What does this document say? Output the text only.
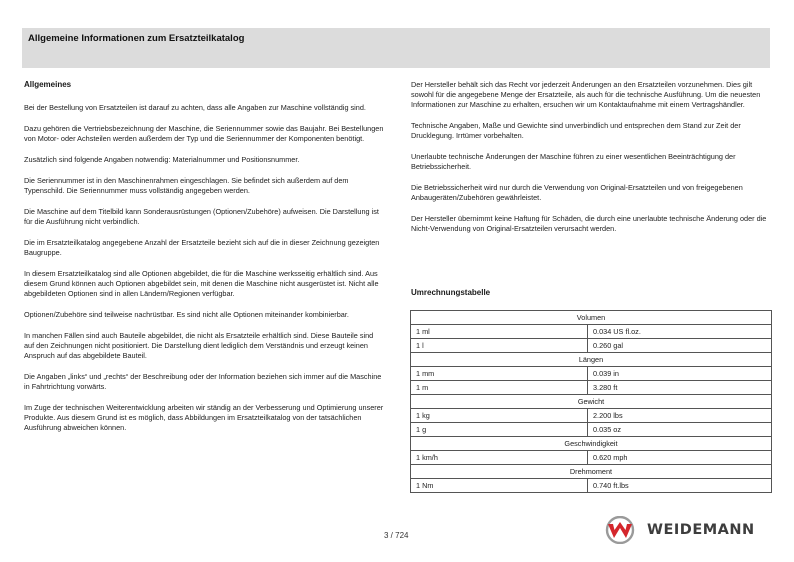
Allgemeine Informationen zum Ersatzteilkatalog
Allgemeines

Bei der Bestellung von Ersatzteilen ist darauf zu achten, dass alle Angaben zur Maschine vollständig sind.

Dazu gehören die Vertriebsbezeichnung der Maschine, die Seriennummer sowie das Baujahr. Bei Bestellungen von Motor- oder Achsteilen werden außerdem der Typ und die Seriennummer der Komponenten benötigt.

Zusätzlich sind folgende Angaben notwendig: Materialnummer und Positionsnummer.

Die Seriennummer ist in den Maschinenrahmen eingeschlagen. Sie befindet sich außerdem auf dem Typenschild. Die Seriennummer muss vollständig angegeben werden.

Die Maschine auf dem Titelbild kann Sonderausrüstungen (Optionen/Zubehöre) aufweisen. Die Darstellung ist für die Ausführung nicht verbindlich.

Die im Ersatzteilkatalog angegebene Anzahl der Ersatzteile bezieht sich auf die in dieser Zeichnung gezeigten Baugruppe.

In diesem Ersatzteilkatalog sind alle Optionen abgebildet, die für die Maschine werksseitig erhältlich sind. Aus diesem Grund können auch Optionen abgebildet sein, mit denen die Maschine nicht ausgerüstet ist. Nicht alle abgebildeten Optionen sind in allen Ländern/Regionen verfügbar.

Optionen/Zubehöre sind teilweise nachrüstbar. Es sind nicht alle Optionen miteinander kombinierbar.

In manchen Fällen sind auch Bauteile abgebildet, die nicht als Ersatzteile erhältlich sind. Diese Bauteile sind auf den Zeichnungen nicht positioniert. Die Darstellung dient lediglich dem Verständnis und erzeugt keinen Anspruch auf das abgebildete Bauteil.

Die Angaben „links“ und „rechts“ der Beschreibung oder der Information beziehen sich immer auf die Maschine in Fahrtrichtung vorwärts.

Im Zuge der technischen Weiterentwicklung arbeiten wir ständig an der Verbesserung und Optimierung unserer Produkte. Aus diesem Grund ist es möglich, dass Abbildungen im Ersatzteilkatalog von der tatsächlichen Ausführung abweichen können.

Der Hersteller behält sich das Recht vor jederzeit Änderungen an den Ersatzteilen vorzunehmen. Dies gilt sowohl für die angegebene Menge der Ersatzteile, als auch für die technische Ausführung. Um die neuesten Informationen zur Maschine zu erhalten, ersuchen wir um Kontaktaufnahme mit einem Vertragshändler.

Technische Angaben, Maße und Gewichte sind unverbindlich und entsprechen dem Stand zur Zeit der Drucklegung. Irrtümer vorbehalten.

Unerlaubte technische Änderungen der Maschine führen zu einer wesentlichen Beeinträchtigung der Betriebssicherheit.

Die Betriebssicherheit wird nur durch die Verwendung von Original-Ersatzteilen und von freigegebenen Anbaugeräten/Zubehören gewährleistet.

Der Hersteller übernimmt keine Haftung für Schäden, die durch eine unerlaubte technische Änderung oder die Nicht-Verwendung von Original-Ersatzteilen verursacht werden.

Umrechnungstabelle
Volumen	
1 ml	0.034 US fl.oz.
1 l	0.260 gal
Längen	
1 mm	0.039 in
1 m	3.280 ft
Gewicht	
1 kg	2.200 lbs
1 g	0.035 oz
Geschwindigkeit	
1 km/h	0.620 mph
Drehmoment	
1 Nm	0.740 ft.lbs
3 / 724	WEIDEMANN
